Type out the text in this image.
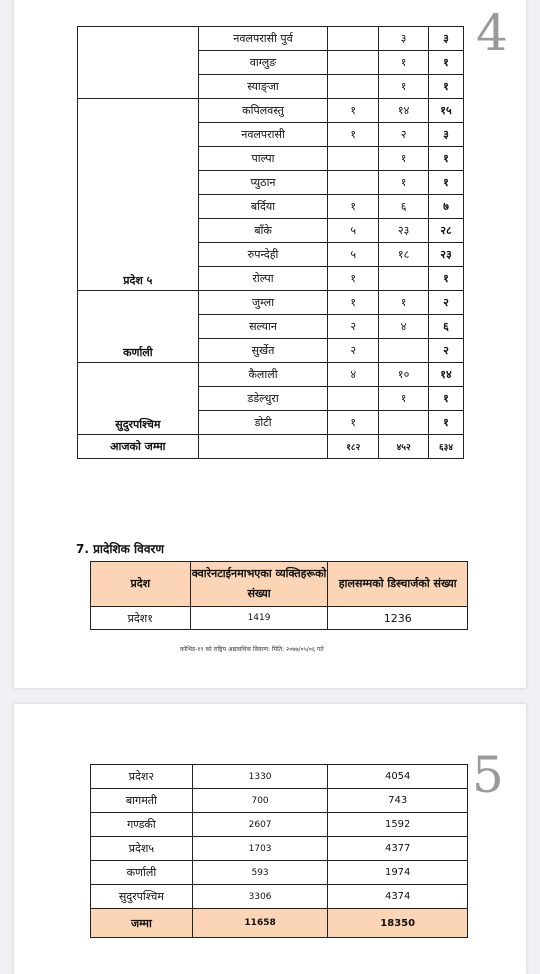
4
	नवलपरासी पुर्व		३	३
	वाग्लुङ		१	१
	स्याङ्जा		१	१
प्रदेश ५	कपिलवस्तु	१	१४	१५
	नवलपरासी	१	२	३
	पाल्पा		१	१
	प्युठान		१	१
	बर्दिया	१	६	७
	बाँके	५	२३	२८
	रुपन्देही	५	१८	२३
	रोल्पा	१		१
कर्णाली	जुम्ला	१	१	२
	सल्यान	२	४	६
	सुर्खेत	२		२
सुदुरपश्चिम	कैलाली	४	१०	१४
	डडेल्धुरा		१	१
	डोटी	१		१
आजको जम्मा		१८२	४५२	६३४
7. प्रादेशिक विवरण
प्रदेश	क्वारेनटाईनमाभएका व्यक्तिहरूको संख्या	हालसम्मको डिस्चार्जको संख्या
प्रदेश१	1419	1236
कोभिड-१९ को राष्ट्रिय अद्यावधिक विवरण: मिति: २०७७/०५/०६ गते
5
प्रदेश२	1330	4054
बागमती	700	743
गण्डकी	2607	1592
प्रदेश५	1703	4377
कर्णाली	593	1974
सुदुरपश्चिम	3306	4374
जम्मा	11658	18350
